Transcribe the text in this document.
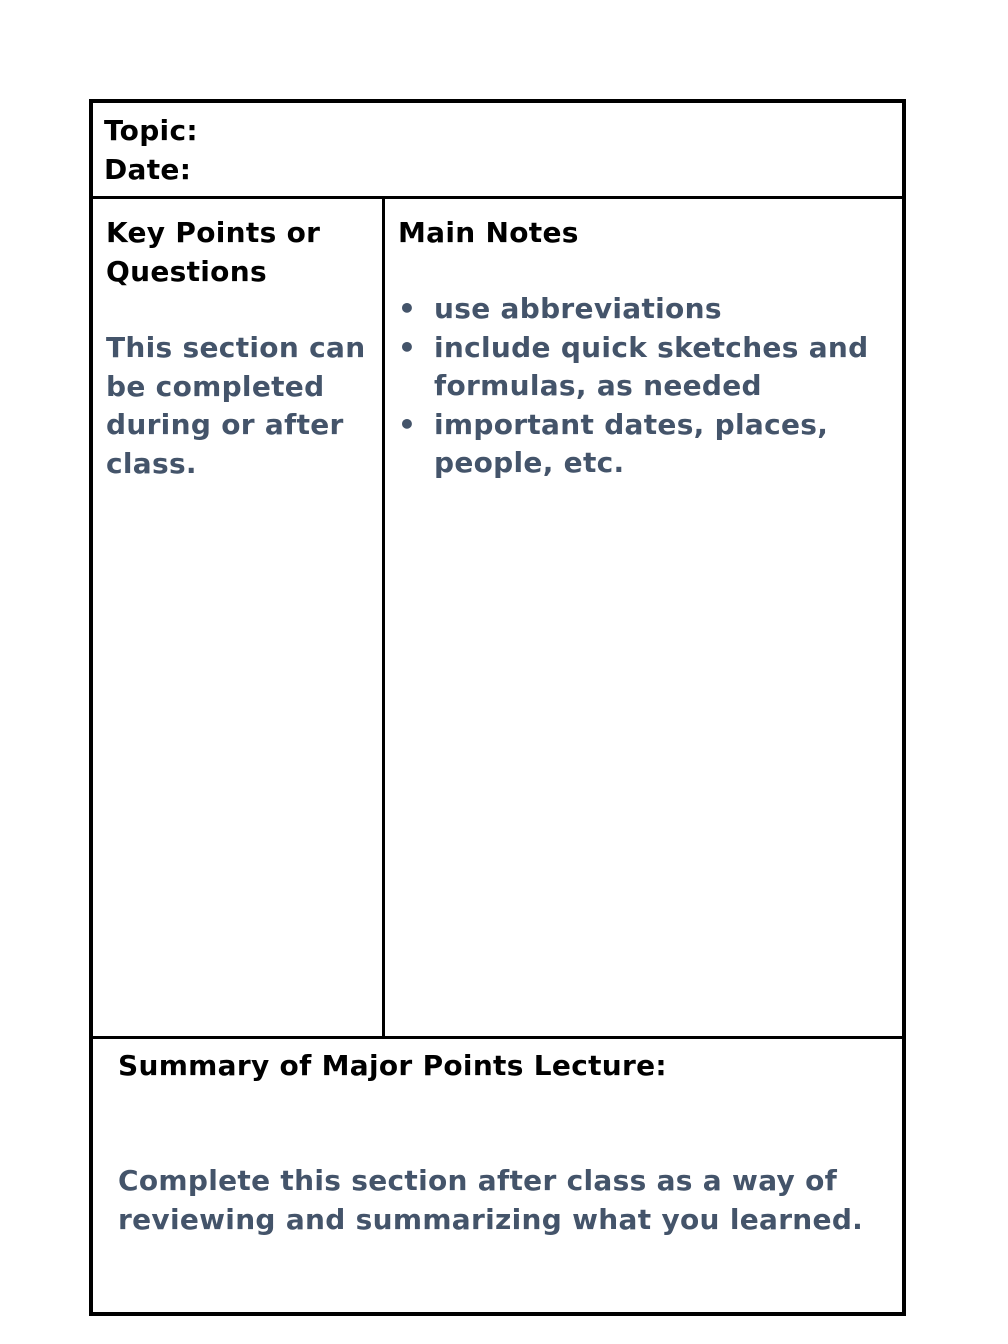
Topic:
Date:
Key Points or Questions
This section can be completed during or after class.
Main Notes
• use abbreviations
• include quick sketches and formulas, as needed
• important dates, places, people, etc.
Summary of Major Points Lecture:
Complete this section after class as a way of reviewing and summarizing what you learned.
